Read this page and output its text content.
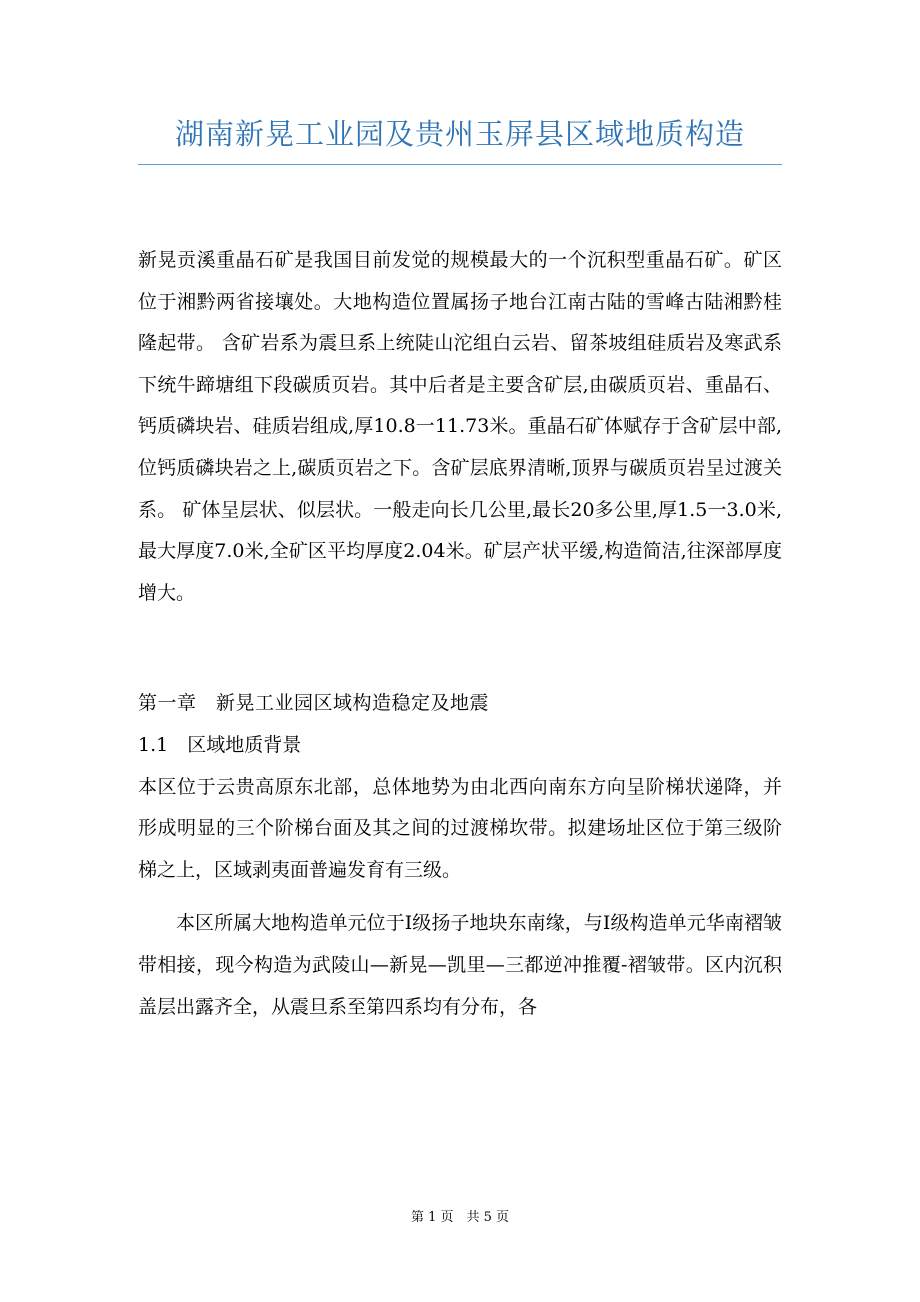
湖南新晃工业园及贵州玉屏县区域地质构造

新晃贡溪重晶石矿是我国目前发觉的规模最大的一个沉积型重晶石矿。矿区位于湘黔两省接壤处。大地构造位置属扬子地台江南古陆的雪峰古陆湘黔桂隆起带。 含矿岩系为震旦系上统陡山沱组白云岩、留茶坡组硅质岩及寒武系下统牛蹄塘组下段碳质页岩。其中后者是主要含矿层,由碳质页岩、重晶石、钙质磷块岩、硅质岩组成,厚10.8一11.73米。重晶石矿体赋存于含矿层中部,位钙质磷块岩之上,碳质页岩之下。含矿层底界清晰,顶界与碳质页岩呈过渡关系。 矿体呈层状、似层状。一般走向长几公里,最长20多公里,厚1.5一3.0米,最大厚度7.0米,全矿区平均厚度2.04米。矿层产状平缓,构造简洁,往深部厚度增大。

第一章　新晃工业园区域构造稳定及地震

1.1　区域地质背景

本区位于云贵高原东北部，总体地势为由北西向南东方向呈阶梯状递降，并形成明显的三个阶梯台面及其之间的过渡梯坎带。拟建场址区位于第三级阶梯之上，区域剥夷面普遍发育有三级。

本区所属大地构造单元位于Ⅰ级扬子地块东南缘，与Ⅰ级构造单元华南褶皱带相接，现今构造为武陵山—新晃—凯里—三都逆冲推覆-褶皱带。区内沉积盖层出露齐全，从震旦系至第四系均有分布，各

第 1 页　共 5 页
